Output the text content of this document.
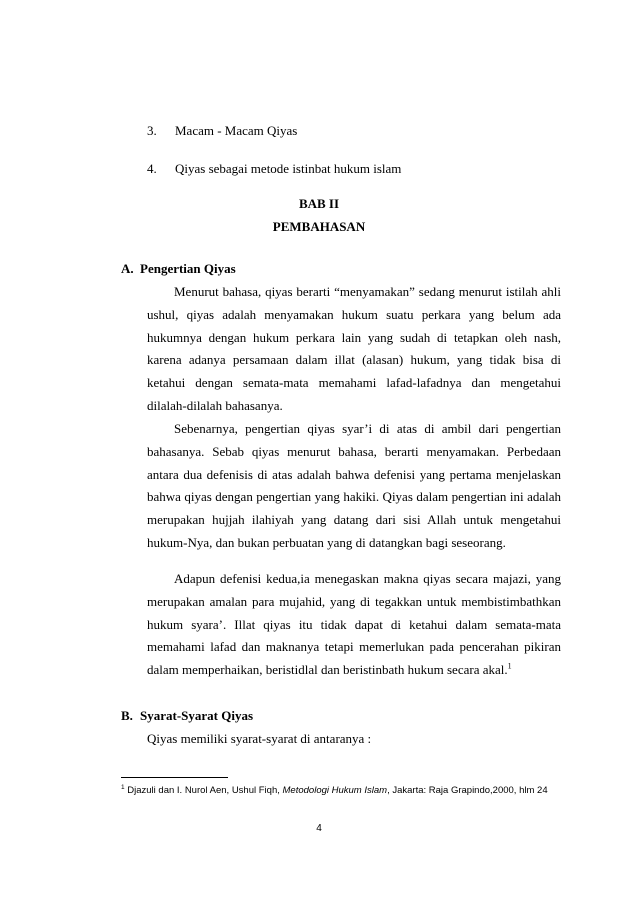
3. Macam - Macam Qiyas
4. Qiyas sebagai metode istinbat hukum islam
BAB II
PEMBAHASAN
A. Pengertian Qiyas

Menurut bahasa, qiyas berarti “menyamakan” sedang menurut istilah ahli ushul, qiyas adalah menyamakan hukum suatu perkara yang belum ada hukumnya dengan hukum perkara lain yang sudah di tetapkan oleh nash, karena adanya persamaan dalam illat (alasan) hukum, yang tidak bisa di ketahui dengan semata-mata memahami lafad-lafadnya dan mengetahui dilalah-dilalah bahasanya.

Sebenarnya, pengertian qiyas syar’i di atas di ambil dari pengertian bahasanya. Sebab qiyas menurut bahasa, berarti menyamakan. Perbedaan antara dua defenisis di atas adalah bahwa defenisi yang pertama menjelaskan bahwa qiyas dengan pengertian yang hakiki. Qiyas dalam pengertian ini adalah merupakan hujjah ilahiyah yang datang dari sisi Allah untuk mengetahui hukum-Nya, dan bukan perbuatan yang di datangkan bagi seseorang.

Adapun defenisi kedua,ia menegaskan makna qiyas secara majazi, yang merupakan amalan para mujahid, yang di tegakkan untuk membistimbathkan hukum syara’. Illat qiyas itu tidak dapat di ketahui dalam semata-mata memahami lafad dan maknanya tetapi memerlukan pada pencerahan pikiran dalam memperhaikan, beristidlal dan beristinbath hukum secara akal.$^1$

B. Syarat-Syarat Qiyas
Qiyas memiliki syarat-syarat di antaranya :

$^1$ Djazuli dan I. Nurol Aen, Ushul Fiqh, Metodologi Hukum Islam, Jakarta: Raja Grapindo,2000, hlm 24

4
